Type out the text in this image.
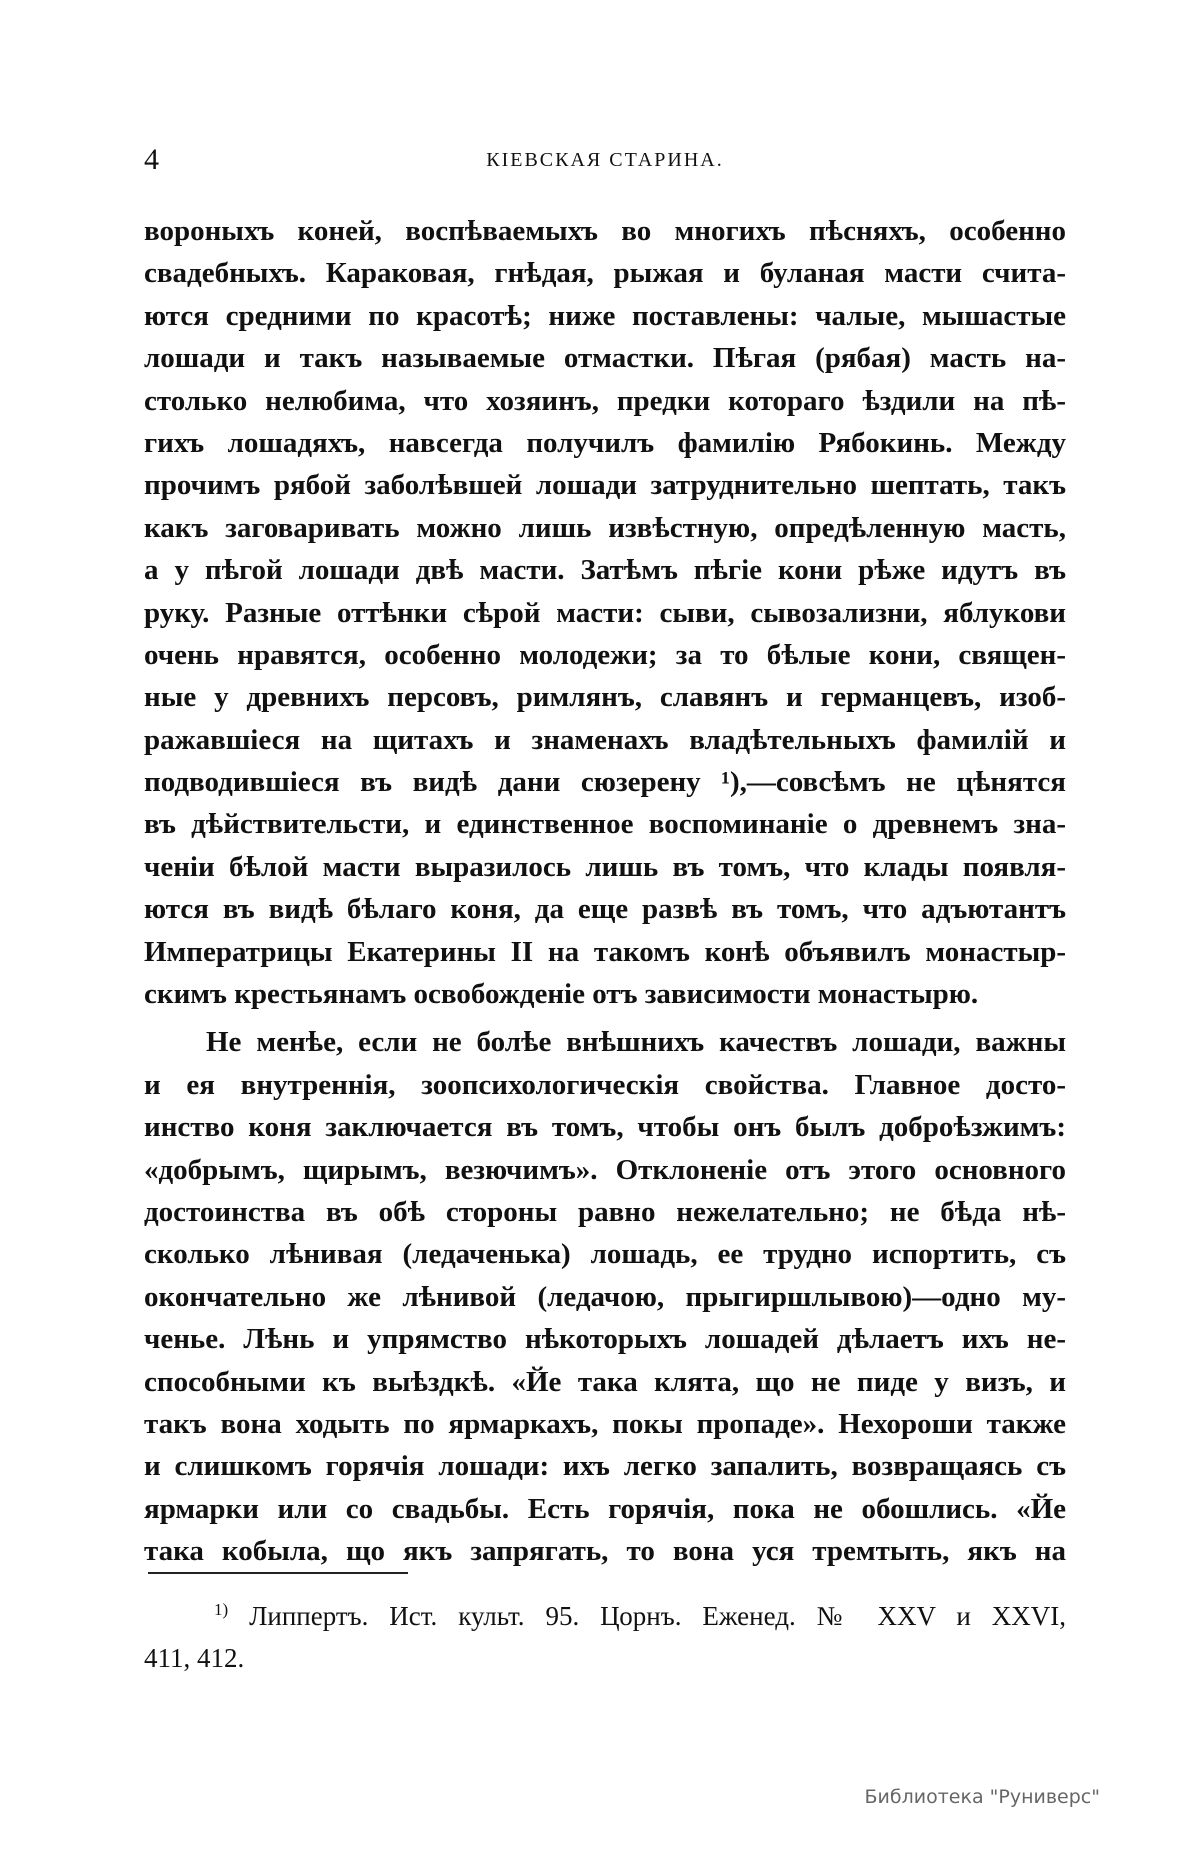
4	КІЕВСКАЯ СТАРИНА.
вороныхъ коней, воспѣваемыхъ во многихъ пѣсняхъ, особенно
свадебныхъ. Караковая, гнѣдая, рыжая и буланая масти счита-
ются средними по красотѣ; ниже поставлены: чалые, мышастые
лошади и такъ называемые отмастки. Пѣгая (рябая) масть на-
столько нелюбима, что хозяинъ, предки котораго ѣздили на пѣ-
гихъ лошадяхъ, навсегда получилъ фамилію Рябокинь. Между
прочимъ рябой заболѣвшей лошади затруднительно шептать, такъ
какъ заговаривать можно лишь извѣстную, опредѣленную масть,
а у пѣгой лошади двѣ масти. Затѣмъ пѣгіе кони рѣже идутъ въ
руку. Разные оттѣнки сѣрой масти: сыви, сывозализни, яблукови
очень нравятся, особенно молодежи; за то бѣлые кони, священ-
ные у древнихъ персовъ, римлянъ, славянъ и германцевъ, изоб-
ражавшіеся на щитахъ и знаменахъ владѣтельныхъ фамилій и
подводившіеся въ видѣ дани сюзерену ¹),—совсѣмъ не цѣнятся
въ дѣйствительсти, и единственное воспоминаніе о древнемъ зна-
ченіи бѣлой масти выразилось лишь въ томъ, что клады появля-
ются въ видѣ бѣлаго коня, да еще развѣ въ томъ, что адъютантъ
Императрицы Екатерины II на такомъ конѣ объявилъ монастыр-
скимъ крестьянамъ освобожденіе отъ зависимости монастырю.
Не менѣе, если не болѣе внѣшнихъ качествъ лошади, важны
и ея внутреннія, зоопсихологическія свойства. Главное досто-
инство коня заключается въ томъ, чтобы онъ былъ доброѣзжимъ:
«добрымъ, щирымъ, везючимъ». Отклоненіе отъ этого основного
достоинства въ обѣ стороны равно нежелательно; не бѣда нѣ-
сколько лѣнивая (ледаченька) лошадь, ее трудно испортить, съ
окончательно же лѣнивой (ледачою, прыгиршлывою)—одно му-
ченье. Лѣнь и упрямство нѣкоторыхъ лошадей дѣлаетъ ихъ не-
способными къ выѣздкѣ. «Йе така клята, що не пиде у визъ, и
такъ вона ходыть по ярмаркахъ, покы пропаде». Нехороши также
и слишкомъ горячія лошади: ихъ легко запалить, возвращаясь съ
ярмарки или со свадьбы. Есть горячія, пока не обошлись. «Йе
така кобыла, що якъ запрягать, то вона уся тремтыть, якъ на
$^{1)}$ Липпертъ. Ист. культ. 95. Цорнъ. Еженед. № XXV и XXVI,
411, 412.
Библиотека "Руниверс"
